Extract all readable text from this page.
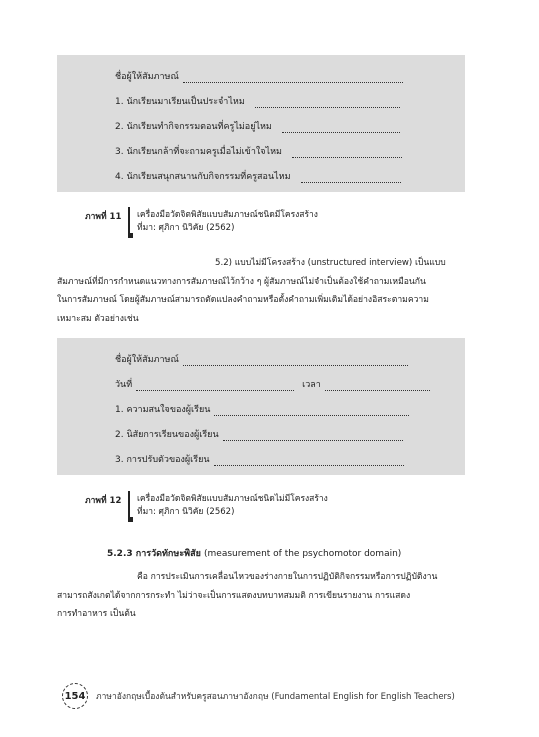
ชื่อผู้ให้สัมภาษณ์
1. นักเรียนมาเรียนเป็นประจำไหม
2. นักเรียนทำกิจกรรมตอนที่ครูไม่อยู่ไหม
3. นักเรียนกล้าที่จะถามครูเมื่อไม่เข้าใจไหม
4. นักเรียนสนุกสนานกับกิจกรรมที่ครูสอนไหม
ภาพที่ 11 เครื่องมือวัดจิตพิสัยแบบสัมภาษณ์ชนิดมีโครงสร้าง
ที่มา: ศุภิกา นิวิคัย (2562)

5.2) แบบไม่มีโครงสร้าง (unstructured interview) เป็นแบบ

สัมภาษณ์ที่มีการกำหนดแนวทางการสัมภาษณ์ไว้กว้าง ๆ ผู้สัมภาษณ์ไม่จำเป็นต้องใช้คำถามเหมือนกัน

ในการสัมภาษณ์ โดยผู้สัมภาษณ์สามารถตัดแปลงคำถามหรือตั้งคำถามเพิ่มเติมได้อย่างอิสระตามความ

เหมาะสม ตัวอย่างเช่น

ชื่อผู้ให้สัมภาษณ์
วันที่	เวลา
1. ความสนใจของผู้เรียน
2. นิสัยการเรียนของผู้เรียน
3. การปรับตัวของผู้เรียน
ภาพที่ 12 เครื่องมือวัดจิตพิสัยแบบสัมภาษณ์ชนิดไม่มีโครงสร้าง
ที่มา: ศุภิกา นิวิคัย (2562)
5.2.3 การวัดทักษะพิสัย (measurement of the psychomotor domain)

คือ การประเมินการเคลื่อนไหวของร่างกายในการปฏิบัติกิจกรรมหรือการปฏิบัติงาน

สามารถสังเกตได้จากการกระทำ ไม่ว่าจะเป็นการแสดงบทบาทสมมติ การเขียนรายงาน การแสดง

การทำอาหาร เป็นต้น

154	ภาษาอังกฤษเบื้องต้นสำหรับครูสอนภาษาอังกฤษ (Fundamental English for English Teachers)
